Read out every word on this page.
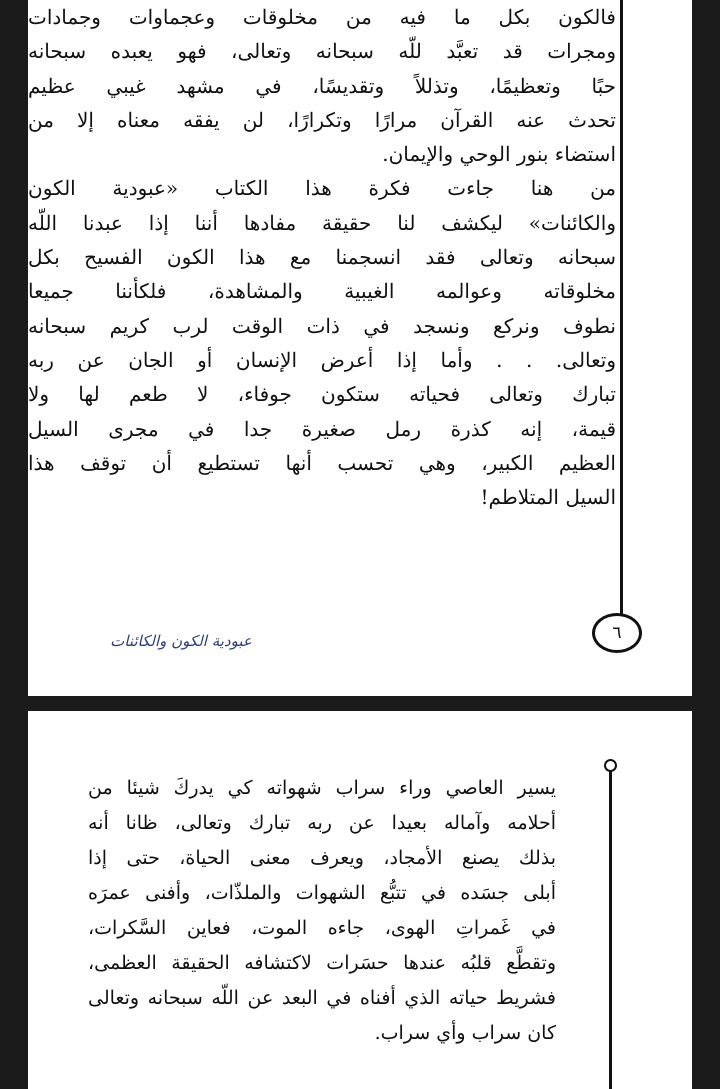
فالكون بكل ما فيه من مخلوقات وعجماوات وجمادات
ومجرات قد تعبَّد للّه سبحانه وتعالى، فهو يعبده سبحانه
حبًا وتعظيمًا، وتذللاً وتقديسًا، في مشهد غيبي عظيم
تحدث عنه القرآن مرارًا وتكرارًا، لن يفقه معناه إلا من
استضاء بنور الوحي والإيمان.
من هنا جاءت فكرة هذا الكتاب «عبودية الكون
والكائنات» ليكشف لنا حقيقة مفادها أننا إذا عبدنا اللّه
سبحانه وتعالى فقد انسجمنا مع هذا الكون الفسيح بكل
مخلوقاته وعوالمه الغيبية والمشاهدة، فلكأننا جميعا
نطوف ونركع ونسجد في ذات الوقت لرب كريم سبحانه
وتعالى. . . وأما إذا أعرض الإنسان أو الجان عن ربه
تبارك وتعالى فحياته ستكون جوفاء، لا طعم لها ولا
قيمة، إنه كذرة رمل صغيرة جدا في مجرى السيل
العظيم الكبير، وهي تحسب أنها تستطيع أن توقف هذا
السيل المتلاطم!
٦
عبودية الكون والكائنات
يسير العاصي وراء سراب شهواته كي يدركَ شيئا من
أحلامه وآماله بعيدا عن ربه تبارك وتعالى، ظانا أنه
بذلك يصنع الأمجاد، ويعرف معنى الحياة، حتى إذا
أبلى جسَده في تتبُّع الشهوات والملذّات، وأفنى عمرَه
في غَمراتِ الهوى، جاءه الموت، فعاين السَّكرات،
وتقطَّع قلبُه عندها حسَرات لاكتشافه الحقيقة العظمى،
فشريط حياته الذي أفناه في البعد عن اللّه سبحانه وتعالى
كان سراب وأي سراب.
